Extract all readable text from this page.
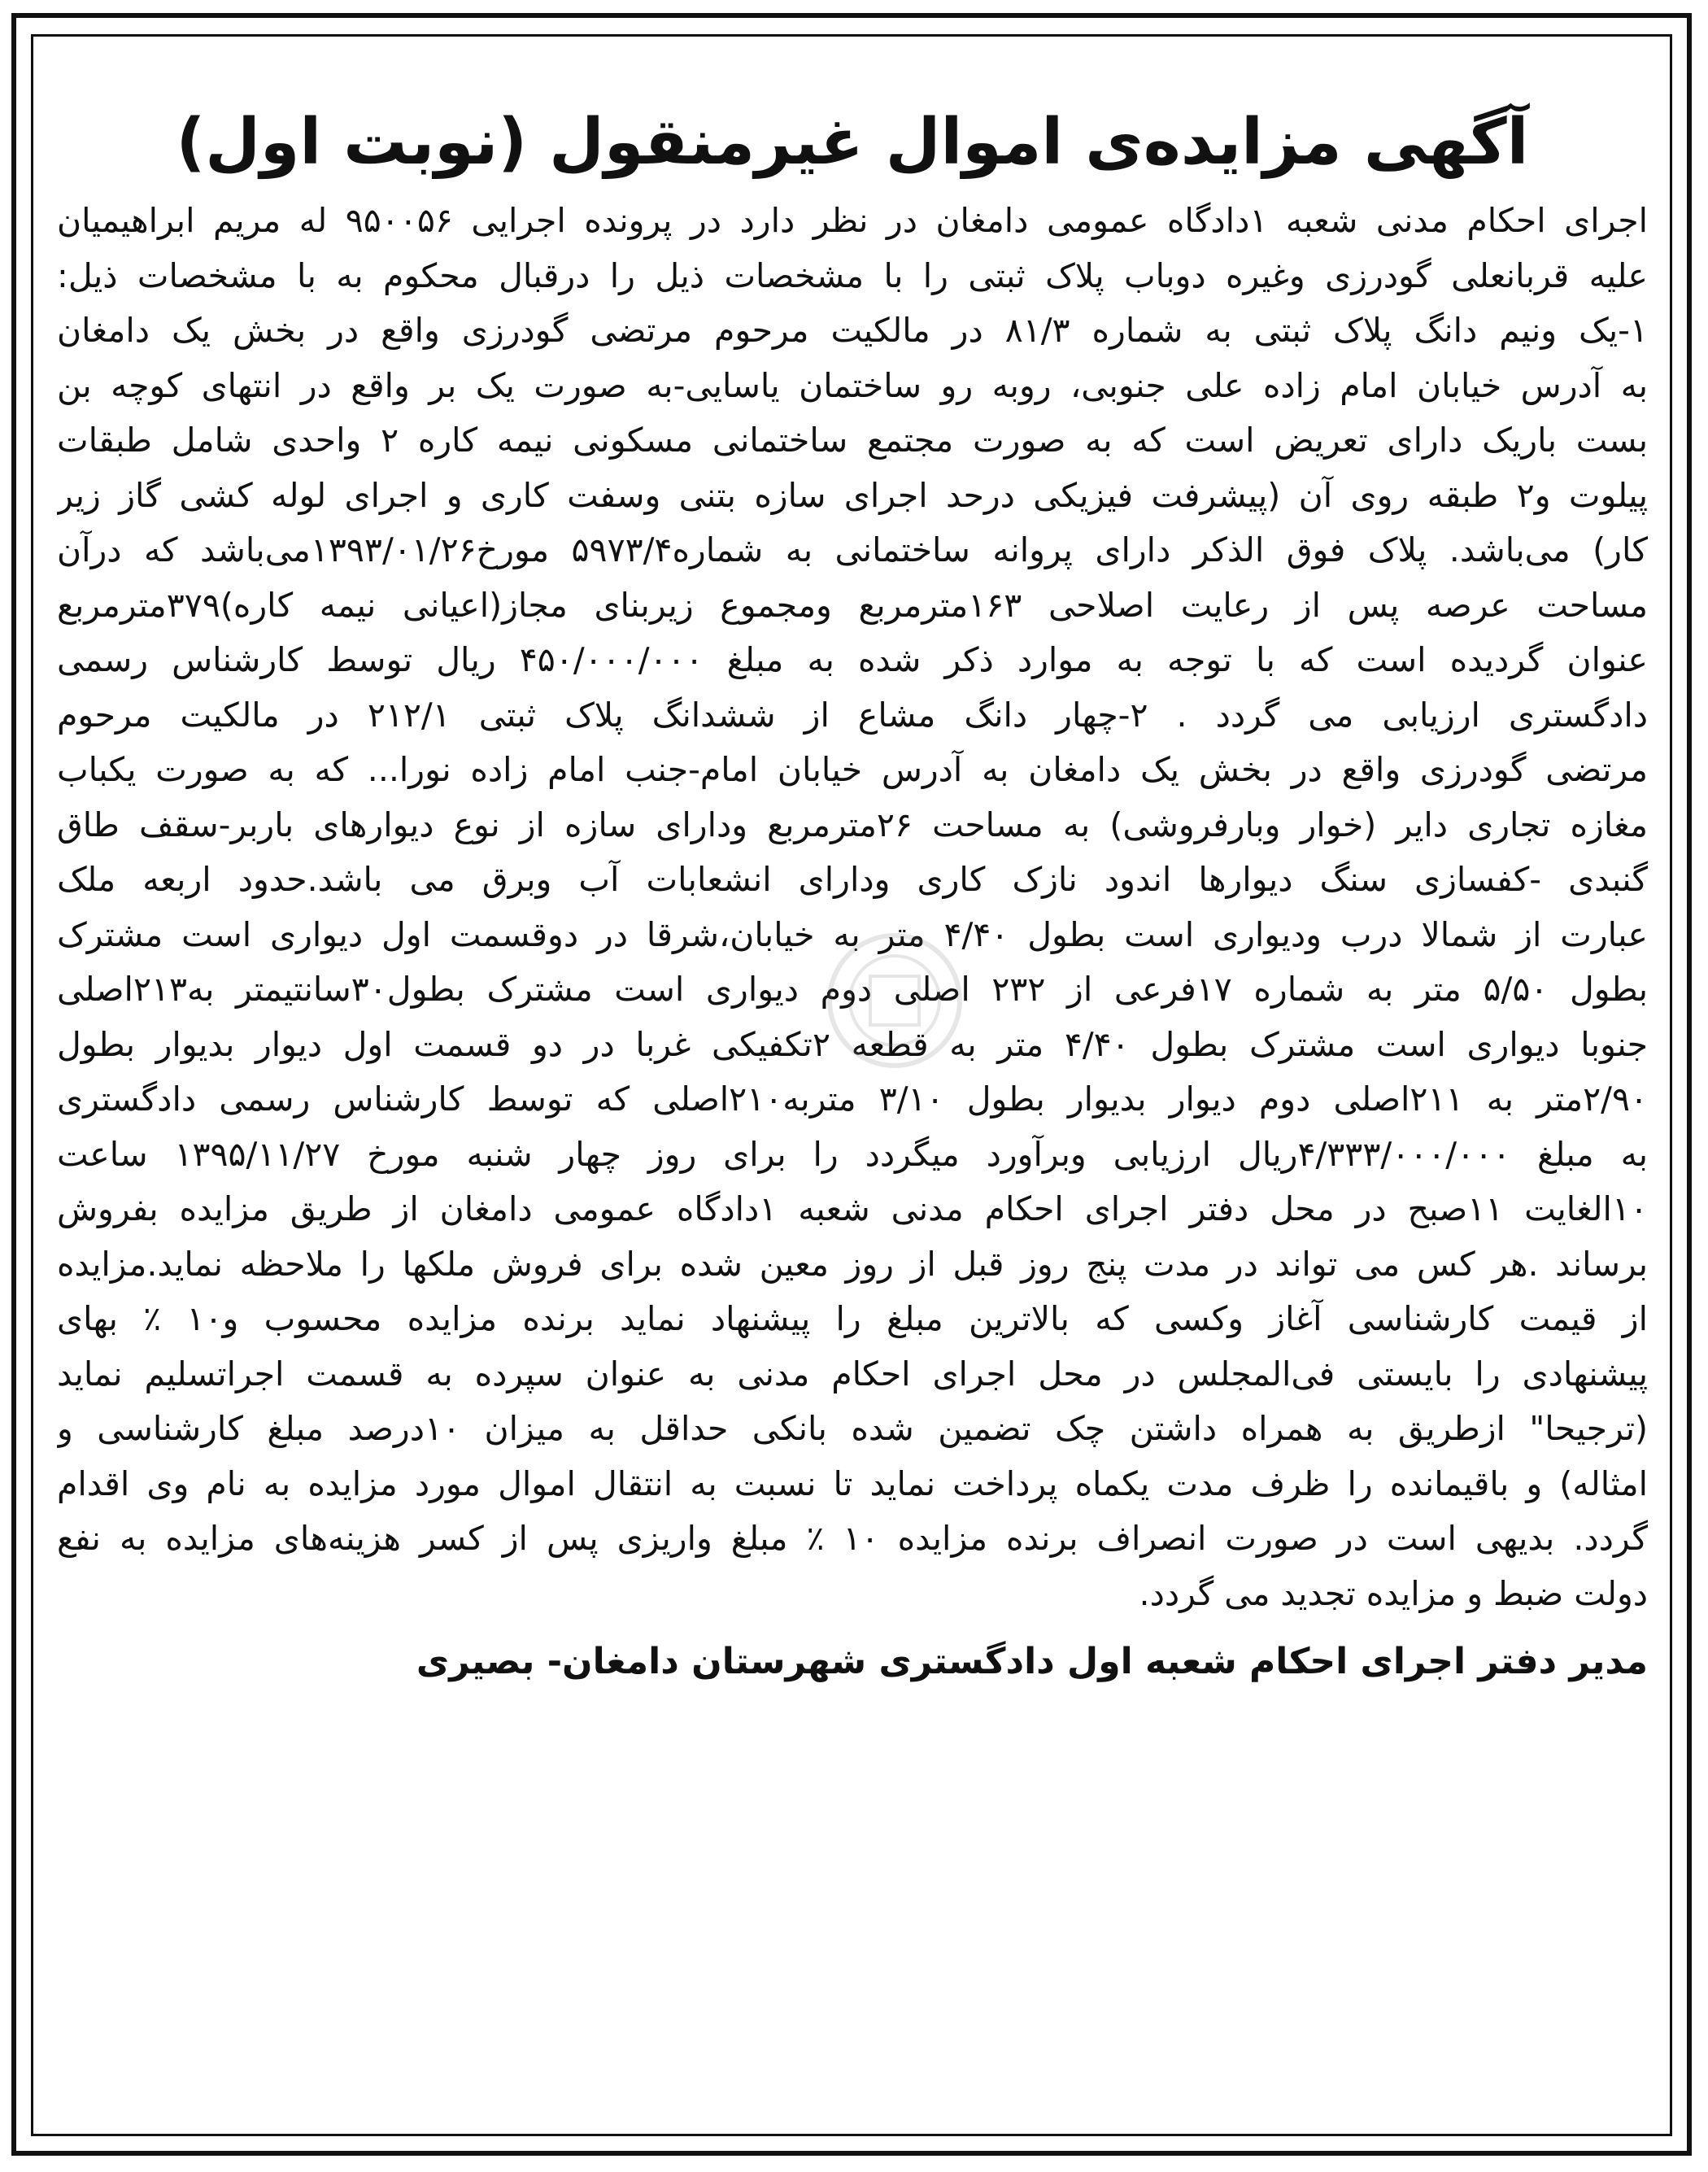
آگهی مزایده‌ی اموال غیرمنقول (نوبت اول)
اجرای احکام مدنی شعبه ۱دادگاه عمومی دامغان در نظر دارد در پرونده اجرایی ۹۵۰۰۵۶ له مریم ابراهیمیان
علیه قربانعلی گودرزی وغیره دوباب پلاک ثبتی را با مشخصات ذیل را درقبال محکوم به با مشخصات ذیل:
۱-یک ونیم دانگ پلاک ثبتی به شماره ۸۱/۳ در مالکیت مرحوم مرتضی گودرزی واقع در بخش یک دامغان
به آدرس خیابان امام زاده علی جنوبی، روبه رو ساختمان یاسایی-به صورت یک بر واقع در انتهای کوچه بن
بست باریک دارای تعریض است که به صورت مجتمع ساختمانی مسکونی نیمه کاره ۲ واحدی شامل طبقات
پیلوت و۲ طبقه روی آن (پیشرفت فیزیکی درحد اجرای سازه بتنی وسفت کاری و اجرای لوله کشی گاز زیر
کار) می‌باشد. پلاک فوق الذکر دارای پروانه ساختمانی به شماره۵۹۷۳/۴ مورخ۱۳۹۳/۰۱/۲۶می‌باشد که درآن
مساحت عرصه پس از رعایت اصلاحی ۱۶۳مترمربع ومجموع زیربنای مجاز(اعیانی نیمه کاره)۳۷۹مترمربع
عنوان گردیده است که با توجه به موارد ذکر شده به مبلغ ۴۵۰/۰۰۰/۰۰۰ ریال توسط کارشناس رسمی
دادگستری ارزیابی می گردد . ۲-چهار دانگ مشاع از ششدانگ پلاک ثبتی ۲۱۲/۱ در مالکیت مرحوم
مرتضی گودرزی واقع در بخش یک دامغان به آدرس خیابان امام-جنب امام زاده نورا... که به صورت یکباب
مغازه تجاری دایر (خوار وبارفروشی) به مساحت ۲۶مترمربع ودارای سازه از نوع دیوارهای باربر-سقف طاق
گنبدی -کفسازی سنگ دیوارها اندود نازک کاری ودارای انشعابات آب وبرق می باشد.حدود اربعه ملک
عبارت از شمالا درب ودیواری است بطول ۴/۴۰ متر به خیابان،شرقا در دوقسمت اول دیواری است مشترک
بطول ۵/۵۰ متر به شماره ۱۷فرعی از ۲۳۲ اصلی دوم دیواری است مشترک بطول۳۰سانتیمتر به۲۱۳اصلی
جنوبا دیواری است مشترک بطول ۴/۴۰ متر به قطعه ۲تکفیکی غربا در دو قسمت اول دیوار بدیوار بطول
۲/۹۰متر به ۲۱۱اصلی دوم دیوار بدیوار بطول ۳/۱۰ متربه۲۱۰اصلی که توسط کارشناس رسمی دادگستری
به مبلغ ۴/۳۳۳/۰۰۰/۰۰۰ریال ارزیابی وبرآورد میگردد را برای روز چهار شنبه مورخ ۱۳۹۵/۱۱/۲۷ ساعت
۱۰الغایت ۱۱صبح در محل دفتر اجرای احکام مدنی شعبه ۱دادگاه عمومی دامغان از طریق مزایده بفروش
برساند .هر کس می تواند در مدت پنج روز قبل از روز معین شده برای فروش ملکها را ملاحظه نماید.مزایده
از قیمت کارشناسی آغاز وکسی که بالاترین مبلغ را پیشنهاد نماید برنده مزایده محسوب و۱۰ ٪ بهای
پیشنهادی را بایستی فی‌المجلس در محل اجرای احکام مدنی به عنوان سپرده به قسمت اجراتسلیم نماید
(ترجیحا" ازطریق به همراه داشتن چک تضمین شده بانکی حداقل به میزان ۱۰درصد مبلغ کارشناسی و
امثاله) و باقیمانده را ظرف مدت یکماه پرداخت نماید تا نسبت به انتقال اموال مورد مزایده به نام وی اقدام
گردد. بدیهی است در صورت انصراف برنده مزایده ۱۰ ٪ مبلغ واریزی پس از کسر هزینه‌های مزایده به نفع
دولت ضبط و مزایده تجدید می گردد.
مدیر دفتر اجرای احکام شعبه اول دادگستری شهرستان دامغان- بصیری
